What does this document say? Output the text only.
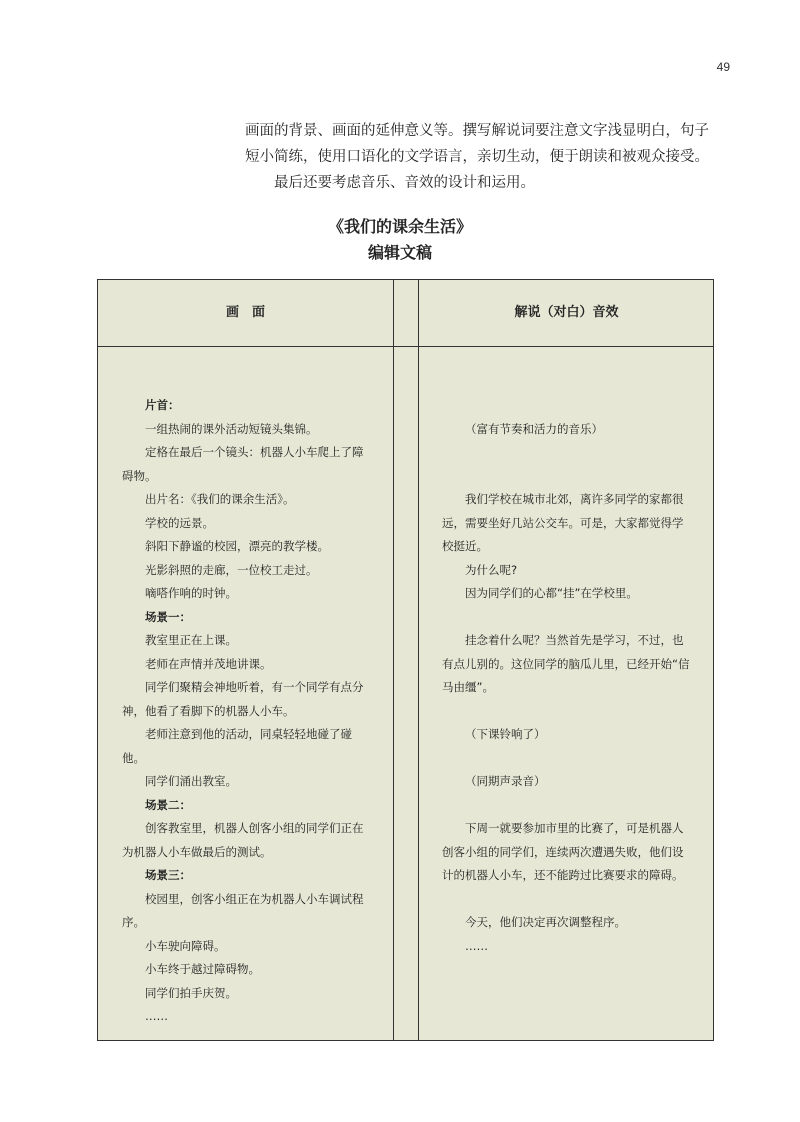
49

画面的背景、画面的延伸意义等。撰写解说词要注意文字浅显明白，句子短小简练，使用口语化的文学语言，亲切生动，便于朗读和被观众接受。

最后还要考虑音乐、音效的设计和运用。

《我们的课余生活》
编辑文稿
画　面	解说（对白）音效

片首：

一组热闹的课外活动短镜头集锦。

定格在最后一个镜头：机器人小车爬上了障碍物。

出片名：《我们的课余生活》。

学校的远景。

斜阳下静谧的校园，漂亮的教学楼。

光影斜照的走廊，一位校工走过。

嘀嗒作响的时钟。

场景一：

教室里正在上课。

老师在声情并茂地讲课。

同学们聚精会神地听着，有一个同学有点分神，他看了看脚下的机器人小车。

老师注意到他的活动，同桌轻轻地碰了碰他。

同学们涌出教室。

场景二：

创客教室里，机器人创客小组的同学们正在为机器人小车做最后的测试。

场景三：

校园里，创客小组正在为机器人小车调试程序。

小车驶向障碍。

小车终于越过障碍物。

同学们拍手庆贺。

……

（富有节奏和活力的音乐）

我们学校在城市北郊，离许多同学的家都很远，需要坐好几站公交车。可是，大家都觉得学校挺近。

为什么呢?

因为同学们的心都“挂”在学校里。

挂念着什么呢？当然首先是学习，不过，也有点儿别的。这位同学的脑瓜儿里，已经开始“信马由缰”。

（下课铃响了）

（同期声录音）

下周一就要参加市里的比赛了，可是机器人创客小组的同学们，连续两次遭遇失败，他们设计的机器人小车，还不能跨过比赛要求的障碍。

今天，他们决定再次调整程序。

……
